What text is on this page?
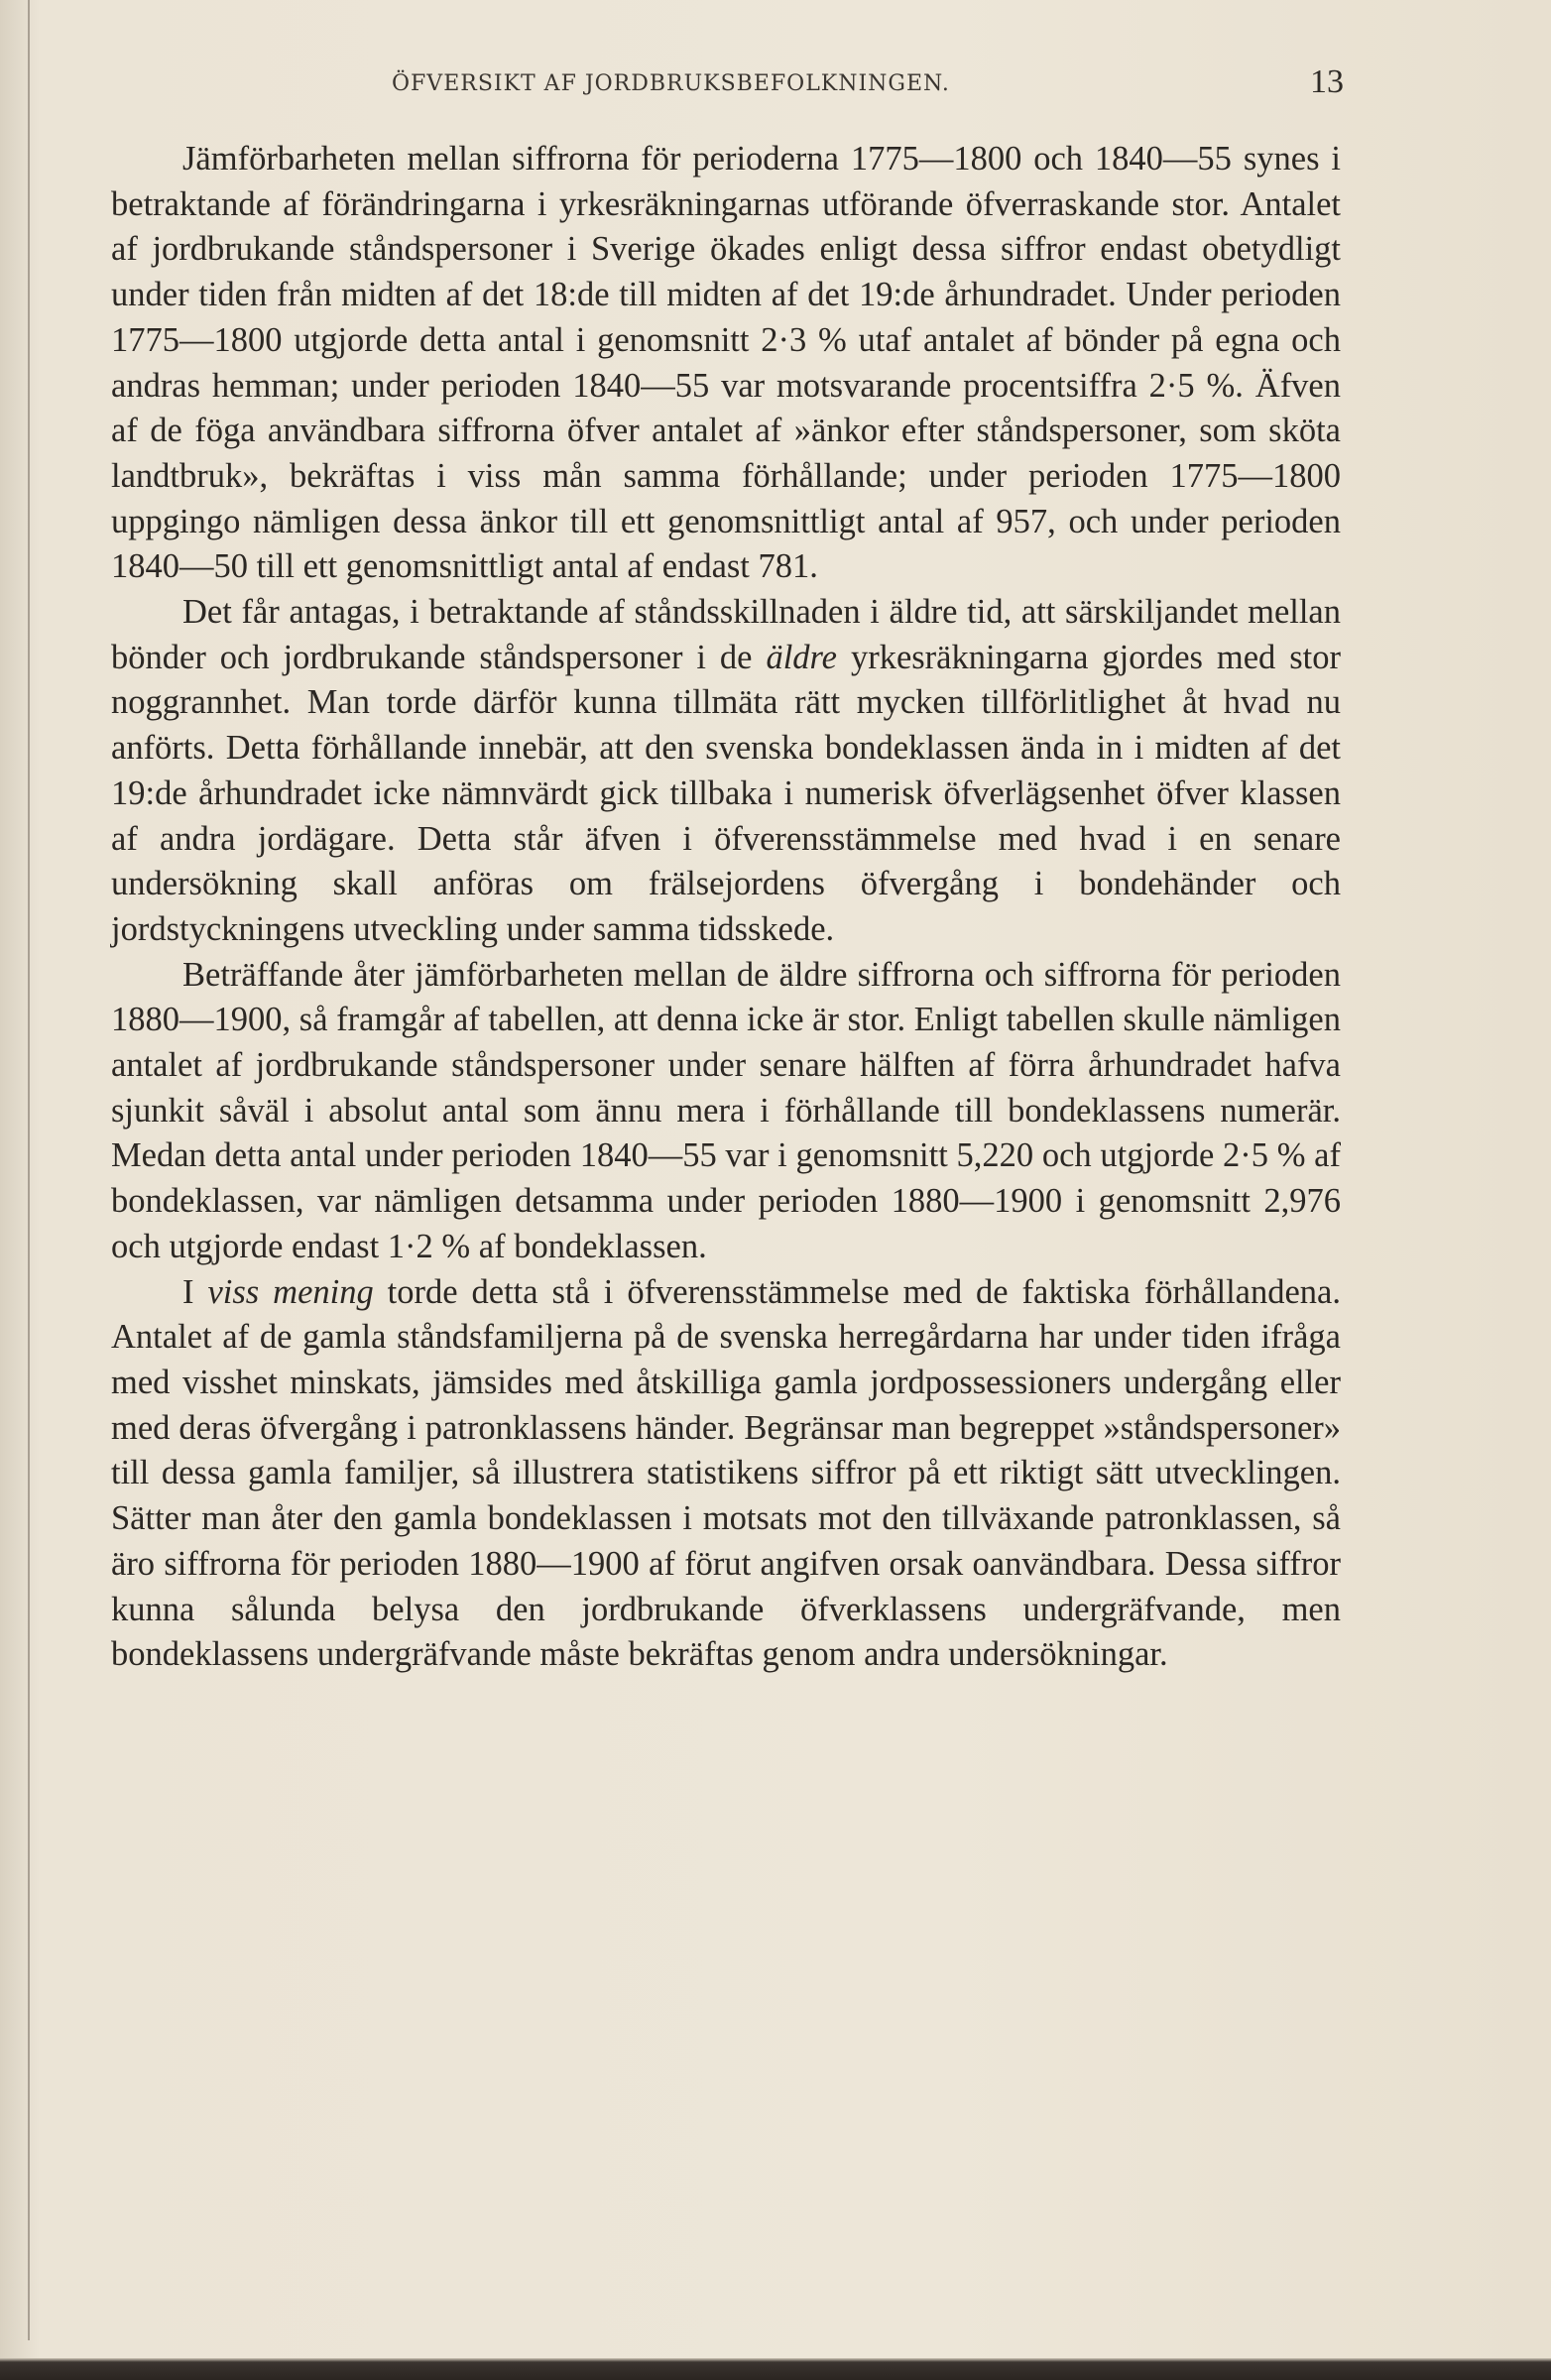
ÖFVERSIKT AF JORDBRUKSBEFOLKNINGEN.	13

Jämförbarheten mellan siffrorna för perioderna 1775—1800 och 1840—55 synes i betraktande af förändringarna i yrkesräkningarnas utförande öfverraskande stor. Antalet af jordbrukande ståndspersoner i Sverige ökades enligt dessa siffror endast obetydligt under tiden från midten af det 18:de till midten af det 19:de århundradet. Under perioden 1775—1800 utgjorde detta antal i genomsnitt 2·3 % utaf antalet af bönder på egna och andras hemman; under perioden 1840—55 var motsvarande procentsiffra 2·5 %. Äfven af de föga användbara siffrorna öfver antalet af »änkor efter ståndspersoner, som sköta landtbruk», bekräftas i viss mån samma förhållande; under perioden 1775—1800 uppgingo nämligen dessa änkor till ett genomsnittligt antal af 957, och under perioden 1840—50 till ett genomsnittligt antal af endast 781.

Det får antagas, i betraktande af ståndsskillnaden i äldre tid, att särskiljandet mellan bönder och jordbrukande ståndspersoner i de äldre yrkesräkningarna gjordes med stor noggrannhet. Man torde därför kunna tillmäta rätt mycken tillförlitlighet åt hvad nu anförts. Detta förhållande innebär, att den svenska bondeklassen ända in i midten af det 19:de århundradet icke nämnvärdt gick tillbaka i numerisk öfverlägsenhet öfver klassen af andra jordägare. Detta står äfven i öfverensstämmelse med hvad i en senare undersökning skall anföras om frälsejordens öfvergång i bondehänder och jordstyckningens utveckling under samma tidsskede.

Beträffande åter jämförbarheten mellan de äldre siffrorna och siffrorna för perioden 1880—1900, så framgår af tabellen, att denna icke är stor. Enligt tabellen skulle nämligen antalet af jordbrukande ståndspersoner under senare hälften af förra århundradet hafva sjunkit såväl i absolut antal som ännu mera i förhållande till bondeklassens numerär. Medan detta antal under perioden 1840—55 var i genomsnitt 5,220 och utgjorde 2·5 % af bondeklassen, var nämligen detsamma under perioden 1880—1900 i genomsnitt 2,976 och utgjorde endast 1·2 % af bondeklassen.

I viss mening torde detta stå i öfverensstämmelse med de faktiska förhållandena. Antalet af de gamla ståndsfamiljerna på de svenska herregårdarna har under tiden ifråga med visshet minskats, jämsides med åtskilliga gamla jordpossessioners undergång eller med deras öfvergång i patronklassens händer. Begränsar man begreppet »ståndspersoner» till dessa gamla familjer, så illustrera statistikens siffror på ett riktigt sätt utvecklingen. Sätter man åter den gamla bondeklassen i motsats mot den tillväxande patronklassen, så äro siffrorna för perioden 1880—1900 af förut angifven orsak oanvändbara. Dessa siffror kunna sålunda belysa den jordbrukande öfverklassens undergräfvande, men bondeklassens undergräfvande måste bekräftas genom andra undersökningar.
